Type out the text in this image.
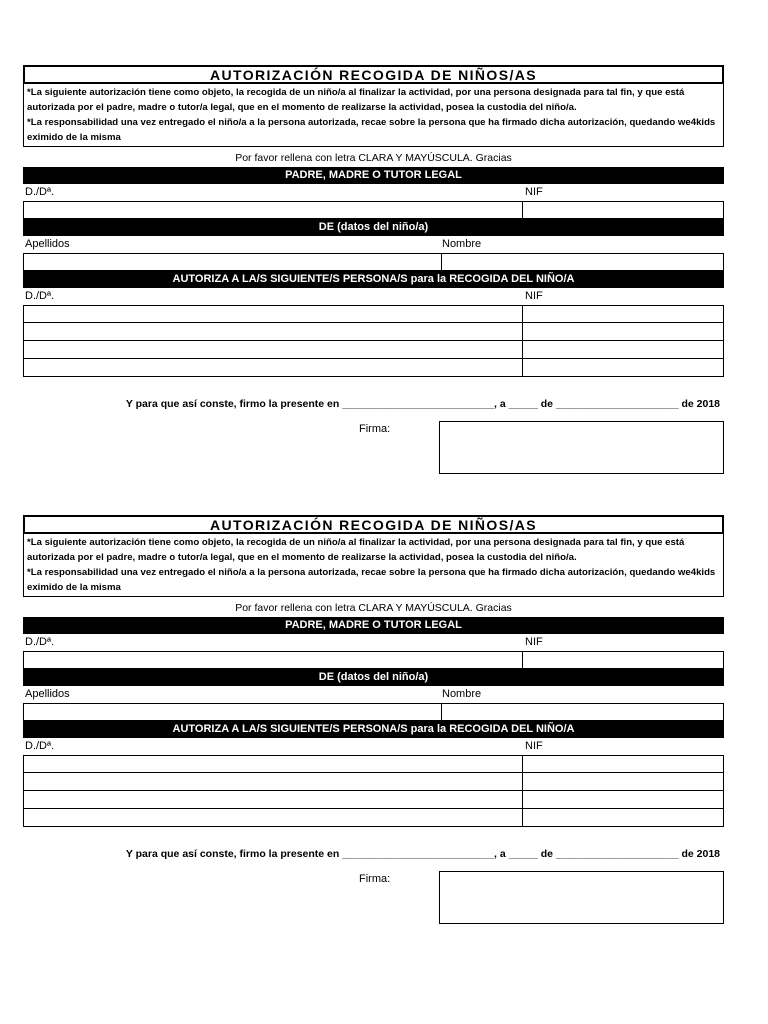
AUTORIZACIÓN RECOGIDA DE NIÑOS/AS

*La siguiente autorización tiene como objeto, la recogida de un niño/a al finalizar la actividad, por una persona designada para tal fin, y que está autorizada por el padre, madre o tutor/a legal, que en el momento de realizarse la actividad, posea la custodia del niño/a.

*La responsabilidad una vez entregado el niño/a a la persona autorizada, recae sobre la persona que ha firmado dicha autorización, quedando we4kids eximido de la misma

Por favor rellena con letra CLARA Y MAYÚSCULA. Gracias
PADRE, MADRE O TUTOR LEGAL
D./Dª.	NIF
DE (datos del niño/a)
Apellidos	Nombre
AUTORIZA A LA/S SIGUIENTE/S PERSONA/S para la RECOGIDA DEL NIÑO/A
D./Dª.	NIF
Y para que así conste, firmo la presente en __________________________, a _____ de _____________________ de 2018
Firma:
AUTORIZACIÓN RECOGIDA DE NIÑOS/AS

*La siguiente autorización tiene como objeto, la recogida de un niño/a al finalizar la actividad, por una persona designada para tal fin, y que está autorizada por el padre, madre o tutor/a legal, que en el momento de realizarse la actividad, posea la custodia del niño/a.

*La responsabilidad una vez entregado el niño/a a la persona autorizada, recae sobre la persona que ha firmado dicha autorización, quedando we4kids eximido de la misma

Por favor rellena con letra CLARA Y MAYÚSCULA. Gracias
PADRE, MADRE O TUTOR LEGAL
D./Dª.	NIF
DE (datos del niño/a)
Apellidos	Nombre
AUTORIZA A LA/S SIGUIENTE/S PERSONA/S para la RECOGIDA DEL NIÑO/A
D./Dª.	NIF
Y para que así conste, firmo la presente en __________________________, a _____ de _____________________ de 2018
Firma:
